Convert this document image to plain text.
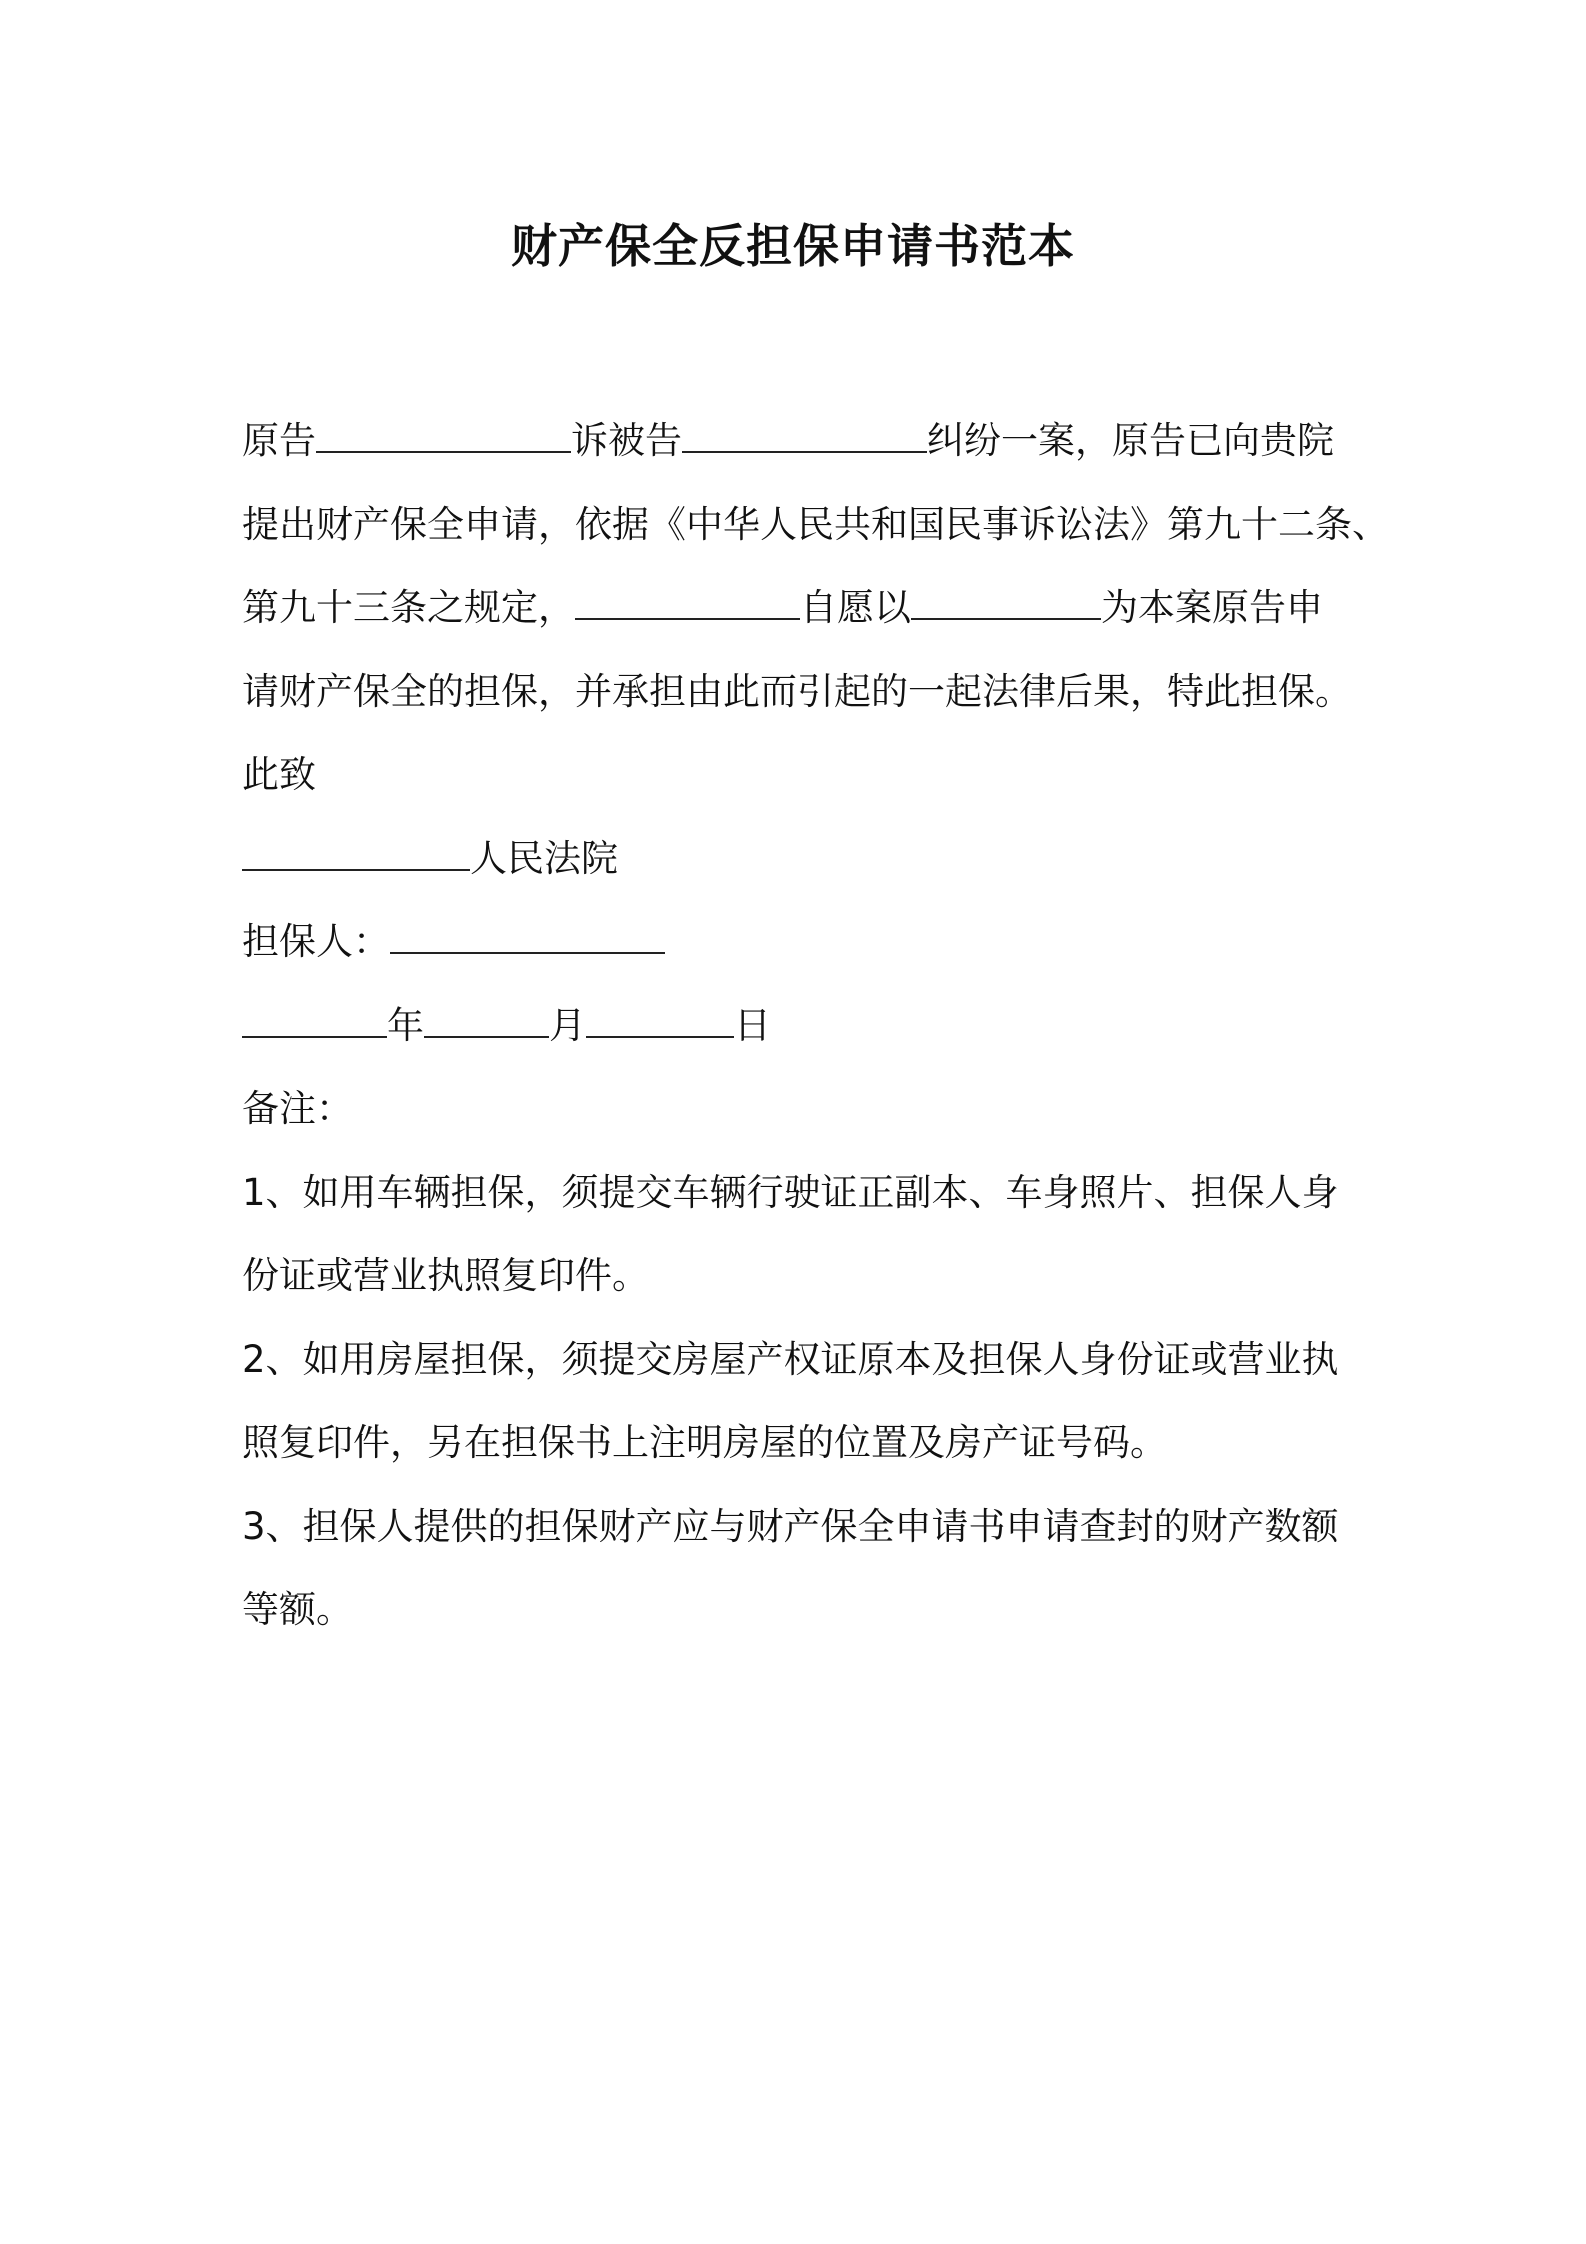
财产保全反担保申请书范本
原告	诉被告	纠纷一案，原告已向贵院
提出财产保全申请，依据《中华人民共和国民事诉讼法》第九十二条、
第九十三条之规定，	自愿以	为本案原告申
请财产保全的担保，并承担由此而引起的一起法律后果，特此担保。
此致
人民法院
担保人：
年	月	日
备注：
1、如用车辆担保，须提交车辆行驶证正副本、车身照片、担保人身
份证或营业执照复印件。
2、如用房屋担保，须提交房屋产权证原本及担保人身份证或营业执
照复印件，另在担保书上注明房屋的位置及房产证号码。
3、担保人提供的担保财产应与财产保全申请书申请查封的财产数额
等额。
